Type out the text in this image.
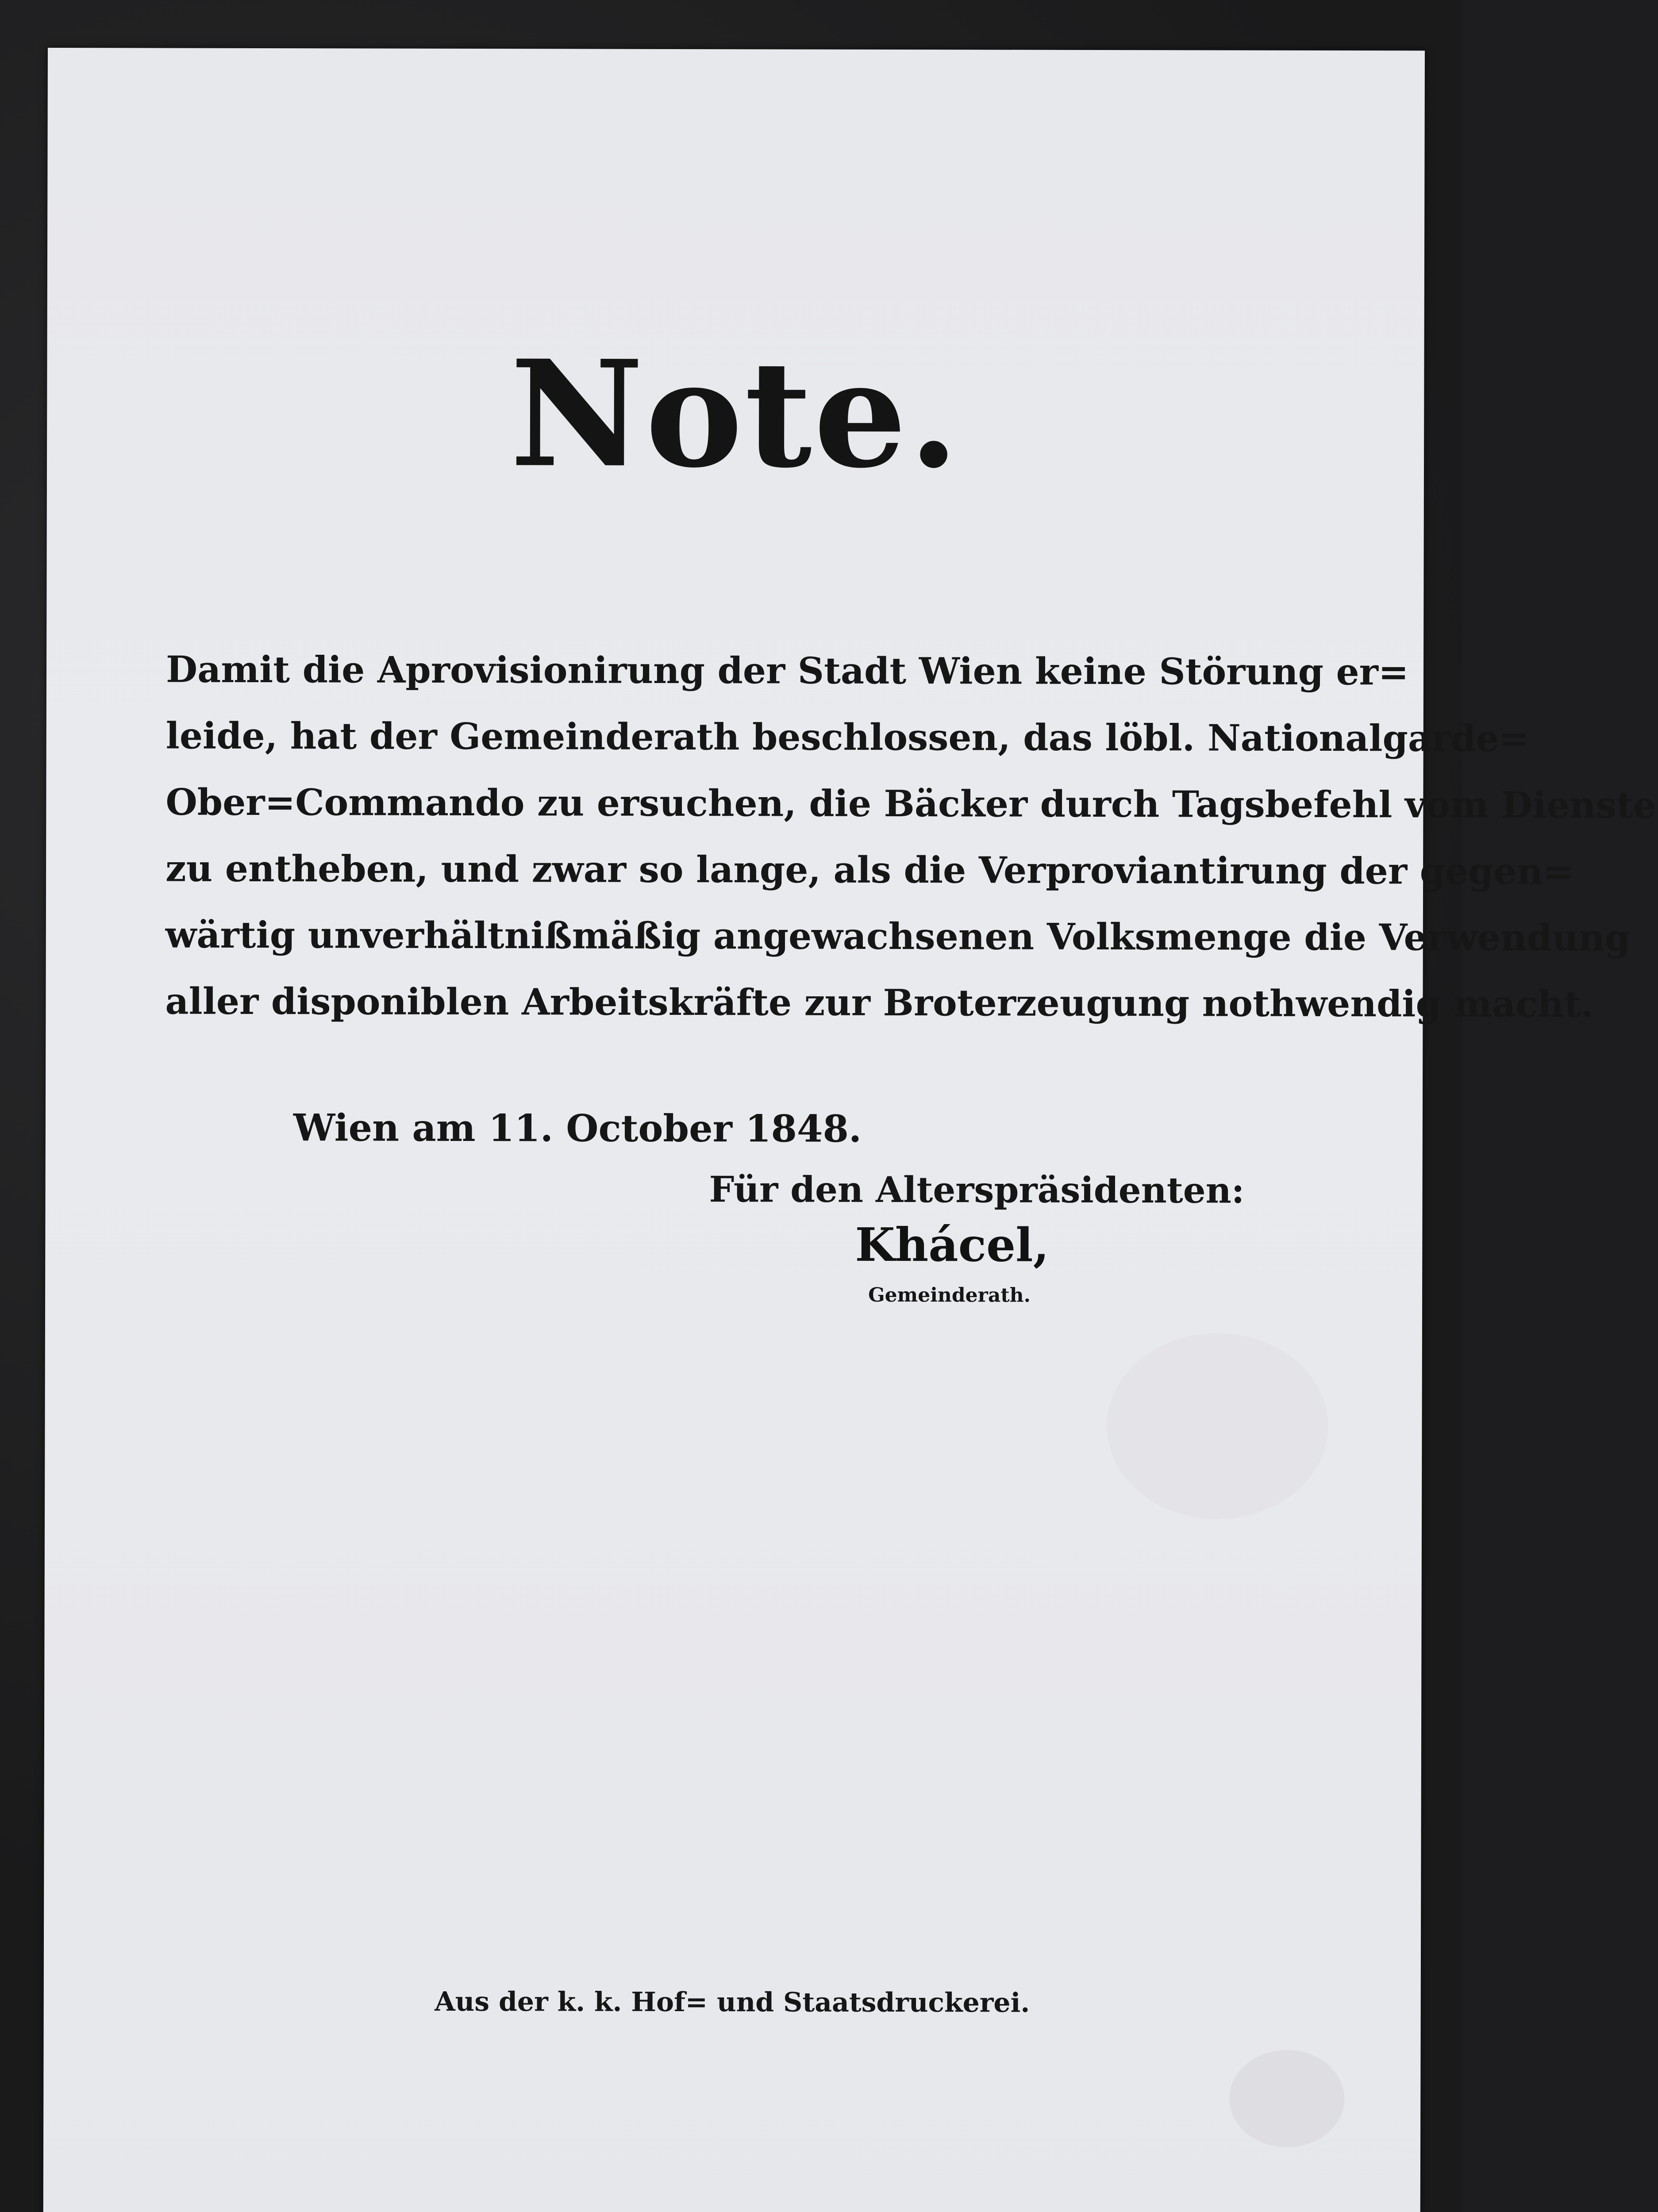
Note.
Damit die Aprovisionirung der Stadt Wien keine Störung er=
leide, hat der Gemeinderath beschlossen, das löbl. Nationalgarde=
Ober=Commando zu ersuchen, die Bäcker durch Tagsbefehl vom Dienste
zu entheben, und zwar so lange, als die Verproviantirung der gegen=
wärtig unverhältnißmäßig angewachsenen Volksmenge die Verwendung
aller disponiblen Arbeitskräfte zur Broterzeugung nothwendig macht.
Wien am 11. October 1848.
Für den Alterspräsidenten:
Khácel,
Gemeinderath.
Aus der k. k. Hof= und Staatsdruckerei.
